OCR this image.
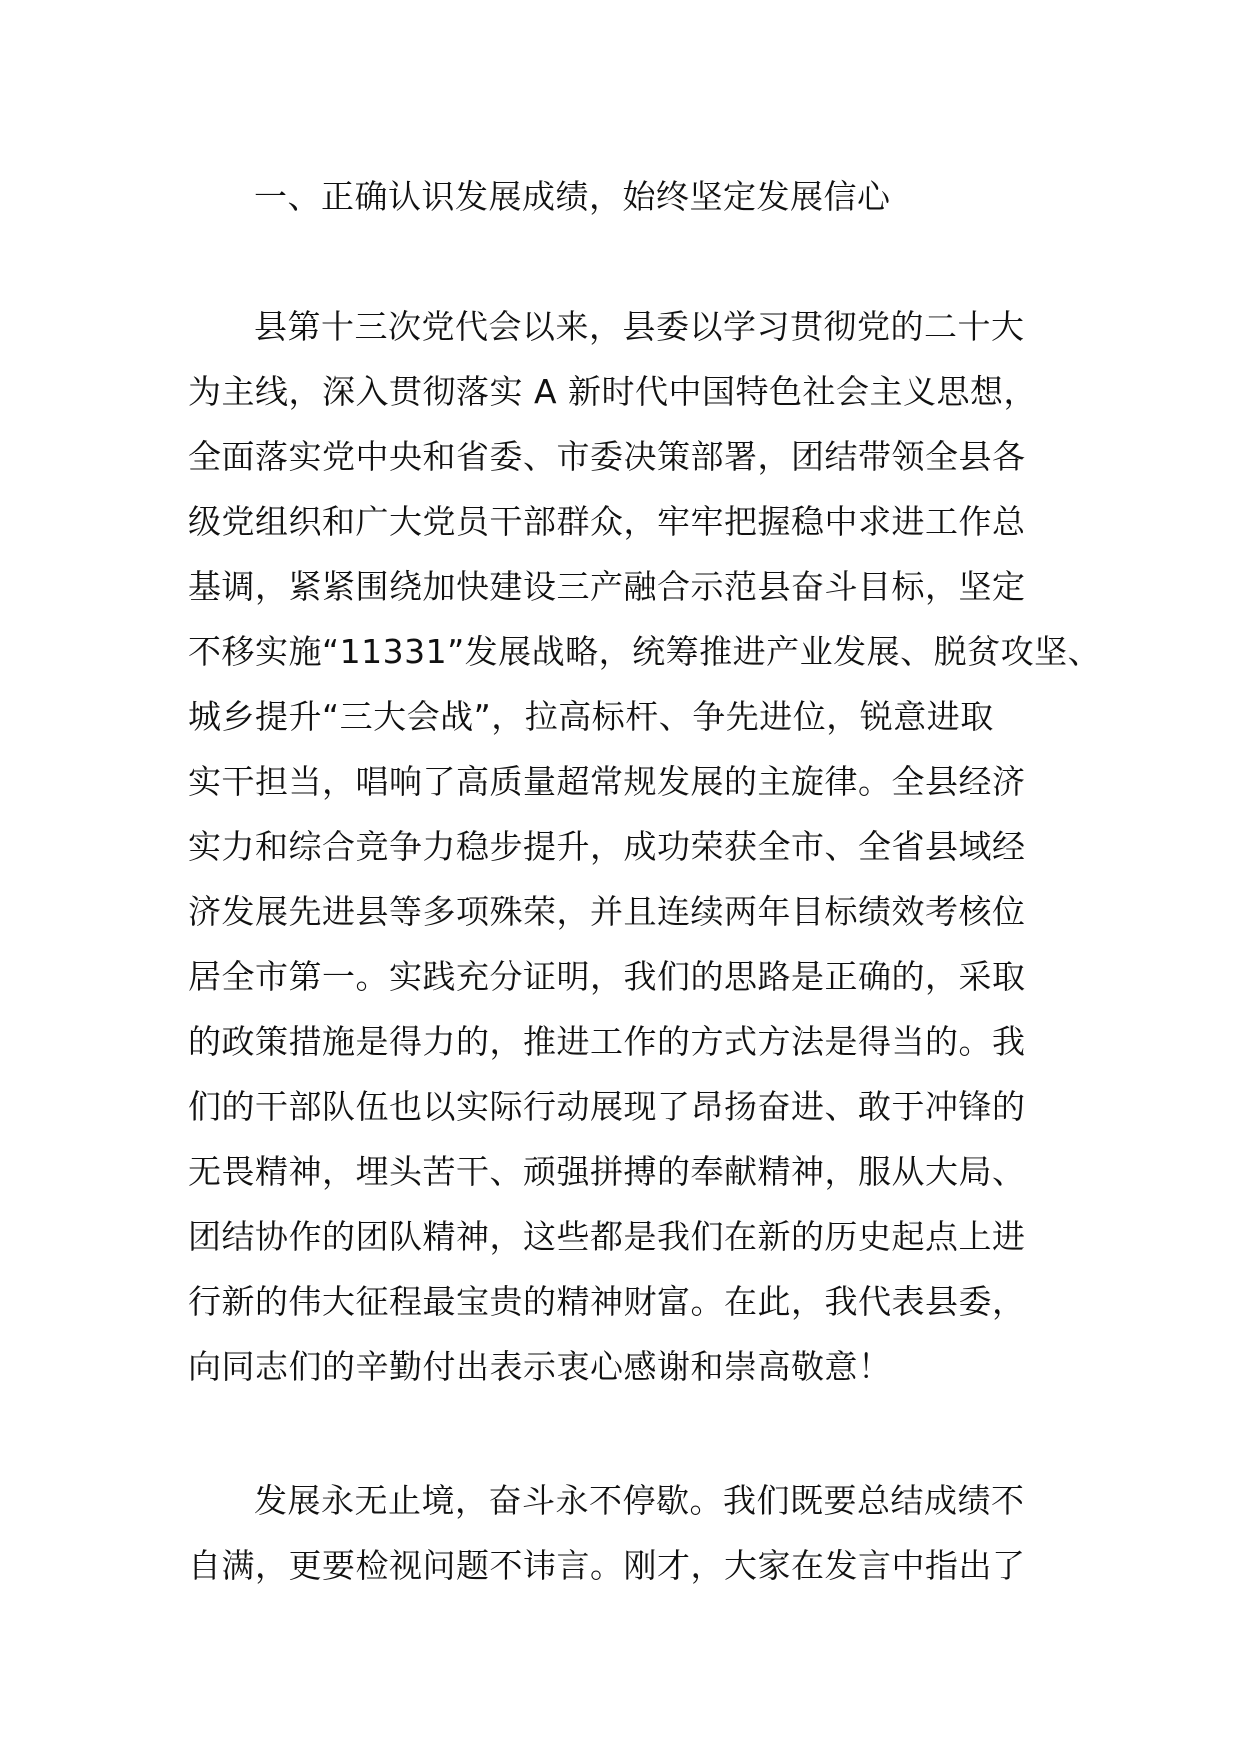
一、正确认识发展成绩，始终坚定发展信心
县第十三次党代会以来，县委以学习贯彻党的二十大
为主线，深入贯彻落实 A 新时代中国特色社会主义思想，
全面落实党中央和省委、市委决策部署，团结带领全县各
级党组织和广大党员干部群众，牢牢把握稳中求进工作总
基调，紧紧围绕加快建设三产融合示范县奋斗目标，坚定
不移实施“11331”发展战略，统筹推进产业发展、脱贫攻坚、
城乡提升“三大会战”，拉高标杆、争先进位，锐意进取
实干担当，唱响了高质量超常规发展的主旋律。全县经济
实力和综合竞争力稳步提升，成功荣获全市、全省县域经
济发展先进县等多项殊荣，并且连续两年目标绩效考核位
居全市第一。实践充分证明，我们的思路是正确的，采取
的政策措施是得力的，推进工作的方式方法是得当的。我
们的干部队伍也以实际行动展现了昂扬奋进、敢于冲锋的
无畏精神，埋头苦干、顽强拼搏的奉献精神，服从大局、
团结协作的团队精神，这些都是我们在新的历史起点上进
行新的伟大征程最宝贵的精神财富。在此，我代表县委，
向同志们的辛勤付出表示衷心感谢和崇高敬意！
发展永无止境，奋斗永不停歇。我们既要总结成绩不
自满，更要检视问题不讳言。刚才，大家在发言中指出了
